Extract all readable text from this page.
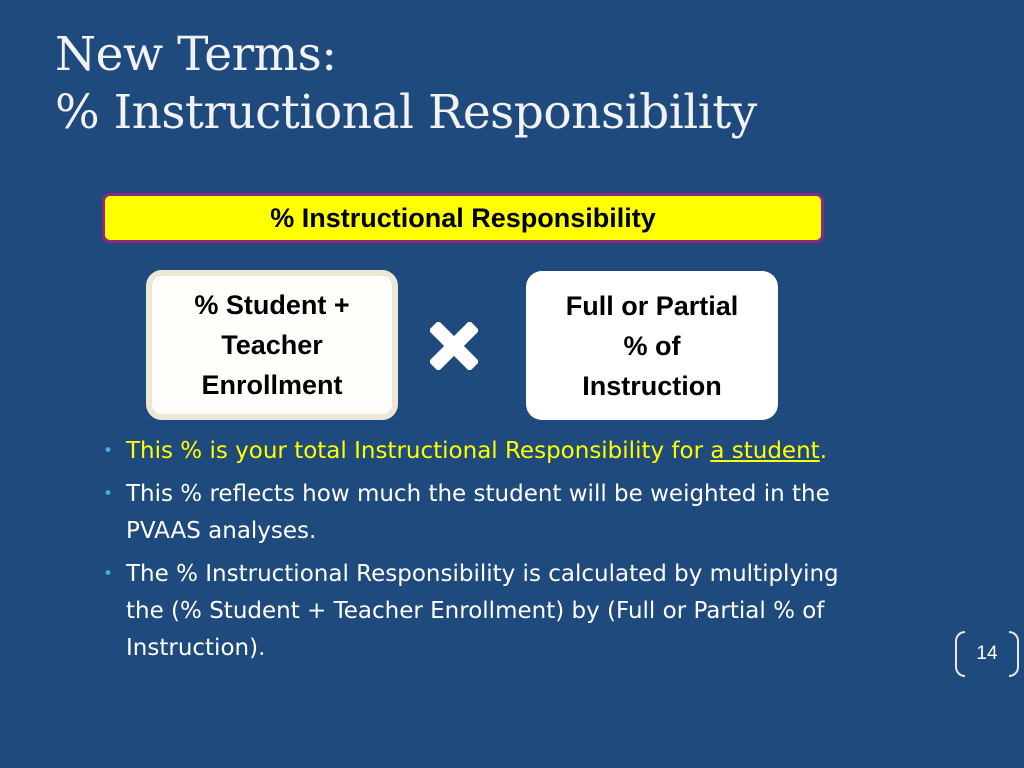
New Terms:
% Instructional Responsibility
% Instructional Responsibility
% Student + Teacher Enrollment
Full or Partial % of Instruction
• This % is your total Instructional Responsibility for a student.
• This % reflects how much the student will be weighted in the PVAAS analyses.
• The % Instructional Responsibility is calculated by multiplying the (% Student + Teacher Enrollment) by (Full or Partial % of Instruction).	14
